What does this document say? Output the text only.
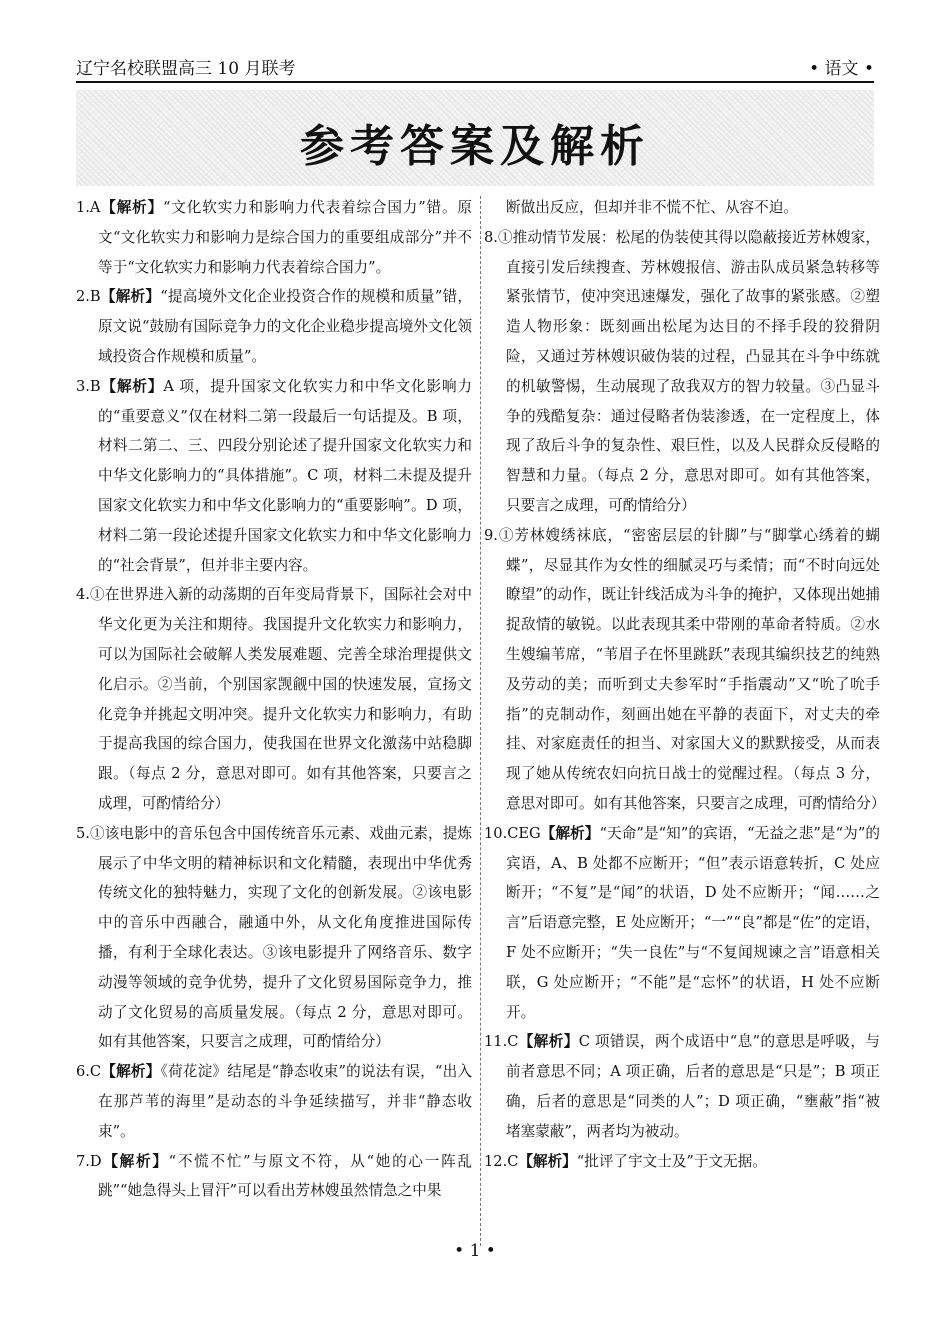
辽宁名校联盟高三 10 月联考	• 语文 •
参考答案及解析

1.A【解析】“文化软实力和影响力代表着综合国力”错。原文“文化软实力和影响力是综合国力的重要组成部分”并不等于“文化软实力和影响力代表着综合国力”。

2.B【解析】“提高境外文化企业投资合作的规模和质量”错，原文说“鼓励有国际竞争力的文化企业稳步提高境外文化领域投资合作规模和质量”。

3.B【解析】A 项，提升国家文化软实力和中华文化影响力的“重要意义”仅在材料二第一段最后一句话提及。B 项，材料二第二、三、四段分别论述了提升国家文化软实力和中华文化影响力的“具体措施”。C 项，材料二未提及提升国家文化软实力和中华文化影响力的“重要影响”。D 项，材料二第一段论述提升国家文化软实力和中华文化影响力的“社会背景”，但并非主要内容。

4.①在世界进入新的动荡期的百年变局背景下，国际社会对中华文化更为关注和期待。我国提升文化软实力和影响力，可以为国际社会破解人类发展难题、完善全球治理提供文化启示。②当前，个别国家觊觎中国的快速发展，宣扬文化竞争并挑起文明冲突。提升文化软实力和影响力，有助于提高我国的综合国力，使我国在世界文化激荡中站稳脚跟。（每点 2 分，意思对即可。如有其他答案，只要言之成理，可酌情给分）

5.①该电影中的音乐包含中国传统音乐元素、戏曲元素，提炼展示了中华文明的精神标识和文化精髓，表现出中华优秀传统文化的独特魅力，实现了文化的创新发展。②该电影中的音乐中西融合，融通中外，从文化角度推进国际传播，有利于全球化表达。③该电影提升了网络音乐、数字动漫等领域的竞争优势，提升了文化贸易国际竞争力，推动了文化贸易的高质量发展。（每点 2 分，意思对即可。如有其他答案，只要言之成理，可酌情给分）

6.C【解析】《荷花淀》结尾是“静态收束”的说法有误，“出入在那芦苇的海里”是动态的斗争延续描写，并非“静态收束”。

7.D【解析】“不慌不忙”与原文不符，从“她的心一阵乱跳”“她急得头上冒汗”可以看出芳林嫂虽然情急之中果

断做出反应，但却并非不慌不忙、从容不迫。

8.①推动情节发展：松尾的伪装使其得以隐蔽接近芳林嫂家，直接引发后续搜查、芳林嫂报信、游击队成员紧急转移等紧张情节，使冲突迅速爆发，强化了故事的紧张感。②塑造人物形象：既刻画出松尾为达目的不择手段的狡猾阴险，又通过芳林嫂识破伪装的过程，凸显其在斗争中练就的机敏警惕，生动展现了敌我双方的智力较量。③凸显斗争的残酷复杂：通过侵略者伪装渗透，在一定程度上，体现了敌后斗争的复杂性、艰巨性，以及人民群众反侵略的智慧和力量。（每点 2 分，意思对即可。如有其他答案，只要言之成理，可酌情给分）

9.①芳林嫂绣袜底，“密密层层的针脚”与“脚掌心绣着的蝴蝶”，尽显其作为女性的细腻灵巧与柔情；而“不时向远处瞭望”的动作，既让针线活成为斗争的掩护，又体现出她捕捉敌情的敏锐。以此表现其柔中带刚的革命者特质。②水生嫂编苇席，“苇眉子在怀里跳跃”表现其编织技艺的纯熟及劳动的美；而听到丈夫参军时“手指震动”又“吮了吮手指”的克制动作，刻画出她在平静的表面下，对丈夫的牵挂、对家庭责任的担当、对家国大义的默默接受，从而表现了她从传统农妇向抗日战士的觉醒过程。（每点 3 分，意思对即可。如有其他答案，只要言之成理，可酌情给分）

10.CEG【解析】“天命”是“知”的宾语，“无益之悲”是“为”的宾语，A、B 处都不应断开；“但”表示语意转折，C 处应断开；“不复”是“闻”的状语，D 处不应断开；“闻……之言”后语意完整，E 处应断开；“一”“良”都是“佐”的定语，F 处不应断开；“失一良佐”与“不复闻规谏之言”语意相关联，G 处应断开；“不能”是“忘怀”的状语，H 处不应断开。

11.C【解析】C 项错误，两个成语中“息”的意思是呼吸，与前者意思不同；A 项正确，后者的意思是“只是”；B 项正确，后者的意思是“同类的人”；D 项正确，“壅蔽”指“被堵塞蒙蔽”，两者均为被动。

12.C【解析】“批评了宇文士及”于文无据。

• 1 •
